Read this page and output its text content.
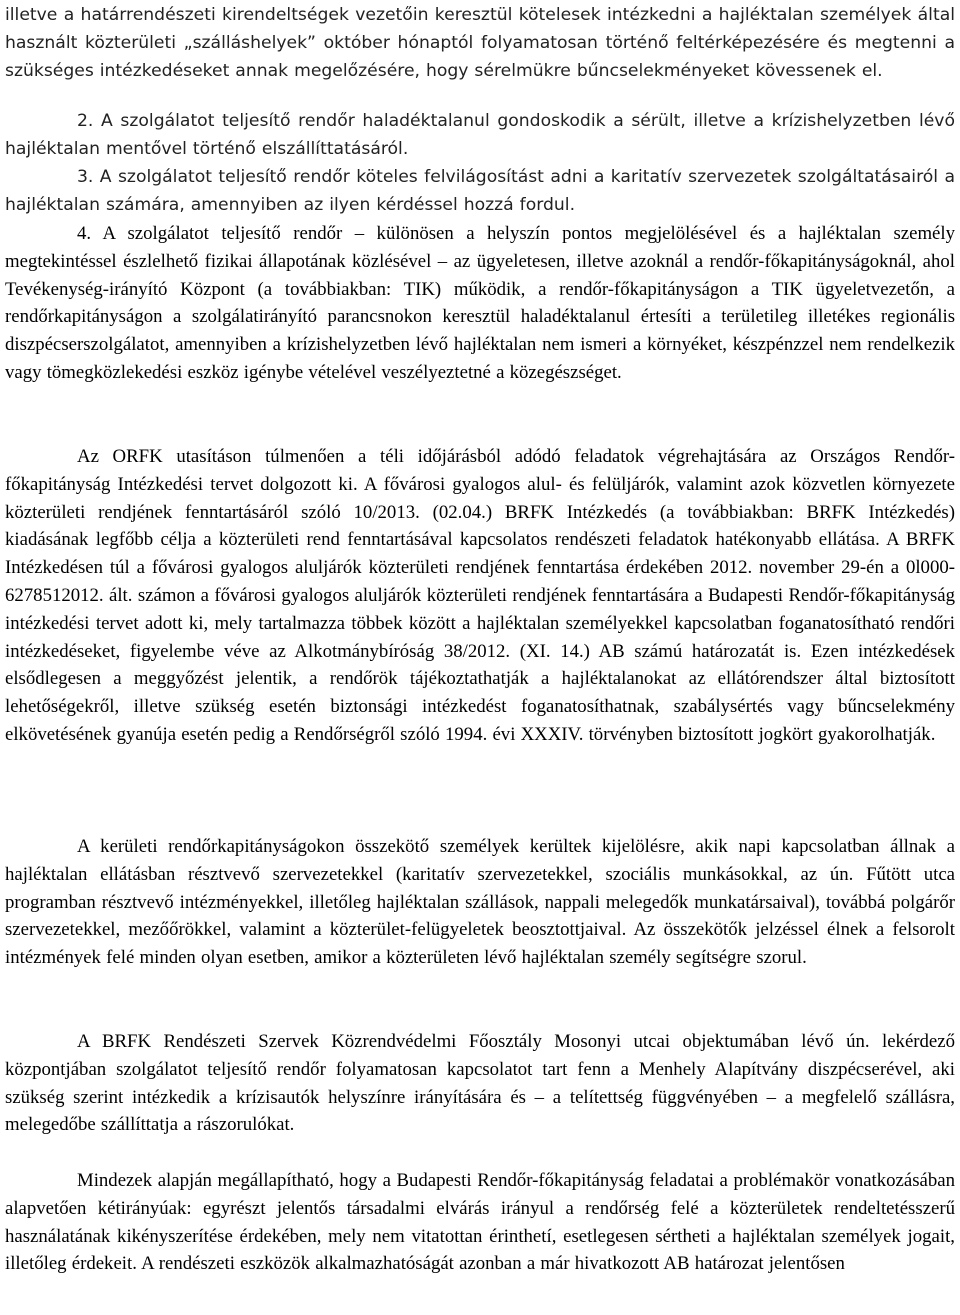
illetve a határrendészeti kirendeltségek vezetőin keresztül kötelesek intézkedni a hajléktalan személyek által használt közterületi „szálláshelyek” október hónaptól folyamatosan történő feltérképezésére és megtenni a szükséges intézkedéseket annak megelőzésére, hogy sérelmükre bűncselekményeket kövessenek el.

2. A szolgálatot teljesítő rendőr haladéktalanul gondoskodik a sérült, illetve a krízishelyzetben lévő hajléktalan mentővel történő elszállíttatásáról.

3. A szolgálatot teljesítő rendőr köteles felvilágosítást adni a karitatív szervezetek szolgáltatásairól a hajléktalan számára, amennyiben az ilyen kérdéssel hozzá fordul.

4. A szolgálatot teljesítő rendőr – különösen a helyszín pontos megjelölésével és a hajléktalan személy megtekintéssel észlelhető fizikai állapotának közlésével – az ügyeletesen, illetve azoknál a rendőr-főkapitányságoknál, ahol Tevékenység-irányító Központ (a továbbiakban: TIK) működik, a rendőr-főkapitányságon a TIK ügyeletvezetőn, a rendőrkapitányságon a szolgálatirányító parancsnokon keresztül haladéktalanul értesíti a területileg illetékes regionális diszpécserszolgálatot, amennyiben a krízishelyzetben lévő hajléktalan nem ismeri a környéket, készpénzzel nem rendelkezik vagy tömegközlekedési eszköz igénybe vételével veszélyeztetné a közegészséget.

Az ORFK utasításon túlmenően a téli időjárásból adódó feladatok végrehajtására az Országos Rendőr-főkapitányság Intézkedési tervet dolgozott ki. A fővárosi gyalogos alul- és felüljárók, valamint azok közvetlen környezete közterületi rendjének fenntartásáról szóló 10/2013. (02.04.) BRFK Intézkedés (a továbbiakban: BRFK Intézkedés) kiadásának legfőbb célja a közterületi rend fenntartásával kapcsolatos rendészeti feladatok hatékonyabb ellátása. A BRFK Intézkedésen túl a fővárosi gyalogos aluljárók közterületi rendjének fenntartása érdekében 2012. november 29-én a 0l000-6278512012. ált. számon a fővárosi gyalogos aluljárók közterületi rendjének fenntartására a Budapesti Rendőr-főkapitányság intézkedési tervet adott ki, mely tartalmazza többek között a hajléktalan személyekkel kapcsolatban foganatosítható rendőri intézkedéseket, figyelembe véve az Alkotmánybíróság 38/2012. (XI. 14.) AB számú határozatát is. Ezen intézkedések elsődlegesen a meggyőzést jelentik, a rendőrök tájékoztathatják a hajléktalanokat az ellátórendszer által biztosított lehetőségekről, illetve szükség esetén biztonsági intézkedést foganatosíthatnak, szabálysértés vagy bűncselekmény elkövetésének gyanúja esetén pedig a Rendőrségről szóló 1994. évi XXXIV. törvényben biztosított jogkört gyakorolhatják.

A kerületi rendőrkapitányságokon összekötő személyek kerültek kijelölésre, akik napi kapcsolatban állnak a hajléktalan ellátásban résztvevő szervezetekkel (karitatív szervezetekkel, szociális munkásokkal, az ún. Fűtött utca programban résztvevő intézményekkel, illetőleg hajléktalan szállások, nappali melegedők munkatársaival), továbbá polgárőr szervezetekkel, mezőőrökkel, valamint a közterület-felügyeletek beosztottjaival. Az összekötők jelzéssel élnek a felsorolt intézmények felé minden olyan esetben, amikor a közterületen lévő hajléktalan személy segítségre szorul.

A BRFK Rendészeti Szervek Közrendvédelmi Főosztály Mosonyi utcai objektumában lévő ún. lekérdező központjában szolgálatot teljesítő rendőr folyamatosan kapcsolatot tart fenn a Menhely Alapítvány diszpécserével, aki szükség szerint intézkedik a krízisautók helyszínre irányítására és – a telítettség függvényében – a megfelelő szállásra, melegedőbe szállíttatja a rászorulókat.

Mindezek alapján megállapítható, hogy a Budapesti Rendőr-főkapitányság feladatai a problémakör vonatkozásában alapvetően kétirányúak: egyrészt jelentős társadalmi elvárás irányul a rendőrség felé a közterületek rendeltetésszerű használatának kikényszerítése érdekében, mely nem vitatottan érinthetí, esetlegesen sértheti a hajléktalan személyek jogait, illetőleg érdekeit. A rendészeti eszközök alkalmazhatóságát azonban a már hivatkozott AB határozat jelentősen
